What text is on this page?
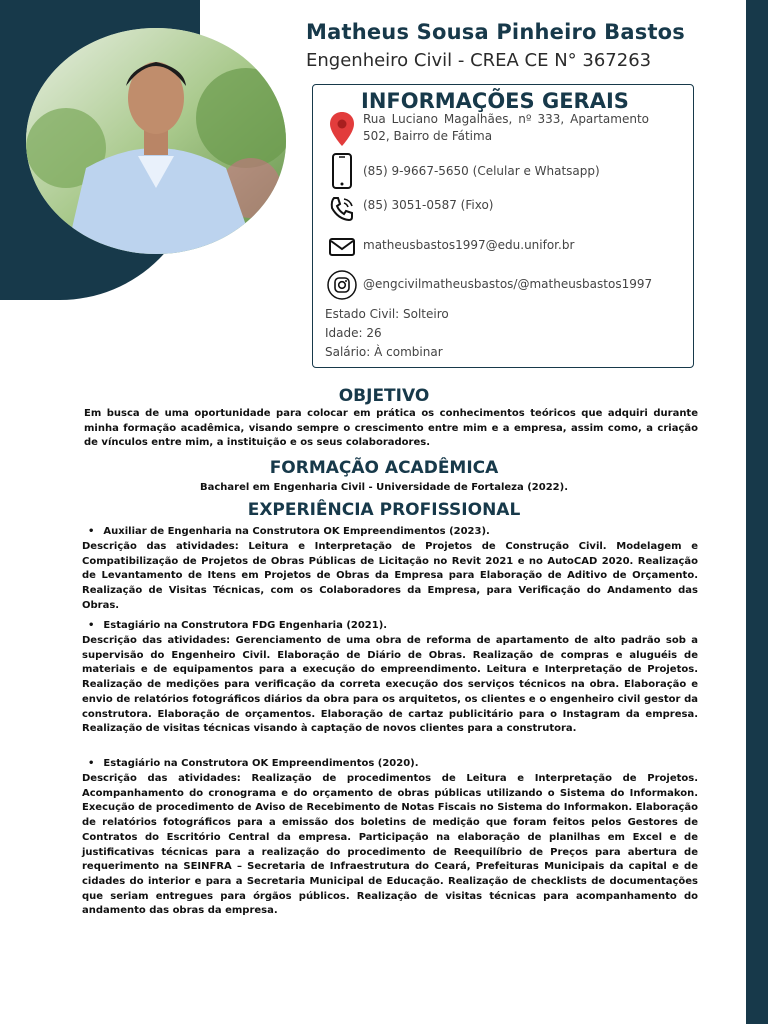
Matheus Sousa Pinheiro Bastos
Engenheiro Civil - CREA CE N° 367263
INFORMAÇÕES GERAIS
Rua Luciano Magalhães, nº 333, Apartamento 502, Bairro de Fátima
(85) 9-9667-5650 (Celular e Whatsapp)
(85) 3051-0587 (Fixo)
matheusbastos1997@edu.unifor.br
@engcivilmatheusbastos/@matheusbastos1997
Estado Civil: Solteiro
Idade: 26
Salário: À combinar
OBJETIVO
Em busca de uma oportunidade para colocar em prática os conhecimentos teóricos que adquiri durante minha formação acadêmica, visando sempre o crescimento entre mim e a empresa, assim como, a criação de vínculos entre mim, a instituição e os seus colaboradores.
FORMAÇÃO ACADÊMICA
Bacharel em Engenharia Civil - Universidade de Fortaleza (2022).
EXPERIÊNCIA PROFISSIONAL
• Auxiliar de Engenharia na Construtora OK Empreendimentos (2023).
Descrição das atividades: Leitura e Interpretação de Projetos de Construção Civil. Modelagem e Compatibilização de Projetos de Obras Públicas de Licitação no Revit 2021 e no AutoCAD 2020. Realização de Levantamento de Itens em Projetos de Obras da Empresa para Elaboração de Aditivo de Orçamento. Realização de Visitas Técnicas, com os Colaboradores da Empresa, para Verificação do Andamento das Obras.
• Estagiário na Construtora FDG Engenharia (2021).
Descrição das atividades: Gerenciamento de uma obra de reforma de apartamento de alto padrão sob a supervisão do Engenheiro Civil. Elaboração de Diário de Obras. Realização de compras e aluguéis de materiais e de equipamentos para a execução do empreendimento. Leitura e Interpretação de Projetos. Realização de medições para verificação da correta execução dos serviços técnicos na obra. Elaboração e envio de relatórios fotográficos diários da obra para os arquitetos, os clientes e o engenheiro civil gestor da construtora. Elaboração de orçamentos. Elaboração de cartaz publicitário para o Instagram da empresa. Realização de visitas técnicas visando à captação de novos clientes para a construtora.
• Estagiário na Construtora OK Empreendimentos (2020).
Descrição das atividades: Realização de procedimentos de Leitura e Interpretação de Projetos. Acompanhamento do cronograma e do orçamento de obras públicas utilizando o Sistema do Informakon. Execução de procedimento de Aviso de Recebimento de Notas Fiscais no Sistema do Informakon. Elaboração de relatórios fotográficos para a emissão dos boletins de medição que foram feitos pelos Gestores de Contratos do Escritório Central da empresa. Participação na elaboração de planilhas em Excel e de justificativas técnicas para a realização do procedimento de Reequilíbrio de Preços para abertura de requerimento na SEINFRA – Secretaria de Infraestrutura do Ceará, Prefeituras Municipais da capital e de cidades do interior e para a Secretaria Municipal de Educação. Realização de checklists de documentações que seriam entregues para órgãos públicos. Realização de visitas técnicas para acompanhamento do andamento das obras da empresa.
